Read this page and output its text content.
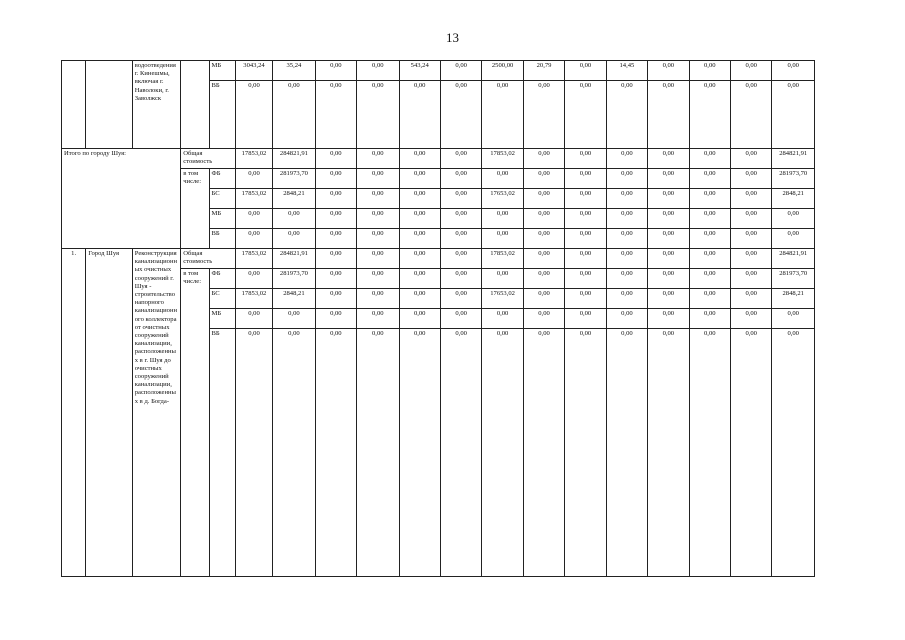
13
		водоотведения г. Кинешмы, включая г. Наволоки, г. Заволжск		МБ	3043,24	35,24	0,00	0,00	543,24	0,00	2500,00	20,79	0,00	14,45	0,00	0,00	0,00	0,00
				ВБ	0,00	0,00	0,00	0,00	0,00	0,00	0,00	0,00	0,00	0,00	0,00	0,00	0,00	0,00
Итого по городу Шуя:			Общая стоимость		17853,02	284821,91	0,00	0,00	0,00	0,00	17853,02	0,00	0,00	0,00	0,00	0,00	0,00	284821,91
			в том числе:	ФБ	0,00	281973,70	0,00	0,00	0,00	0,00	0,00	0,00	0,00	0,00	0,00	0,00	0,00	281973,70
				БС	17853,02	2848,21	0,00	0,00	0,00	0,00	17653,02	0,00	0,00	0,00	0,00	0,00	0,00	2848,21
				МБ	0,00	0,00	0,00	0,00	0,00	0,00	0,00	0,00	0,00	0,00	0,00	0,00	0,00	0,00
				ВБ	0,00	0,00	0,00	0,00	0,00	0,00	0,00	0,00	0,00	0,00	0,00	0,00	0,00	0,00
1.	Город Шуя	Реконструкция канализационных очистных сооружений г. Шуя - строительство напорного канализационного коллектора от очистных сооружений канализации, расположенных в г. Шуя до очистных сооружений канализации, расположенных в д. Богда-	Общая стоимость		17853,02	284821,91	0,00	0,00	0,00	0,00	17853,02	0,00	0,00	0,00	0,00	0,00	0,00	284821,91
			в том числе:	ФБ	0,00	281973,70	0,00	0,00	0,00	0,00	0,00	0,00	0,00	0,00	0,00	0,00	0,00	281973,70
				БС	17853,02	2848,21	0,00	0,00	0,00	0,00	17653,02	0,00	0,00	0,00	0,00	0,00	0,00	2848,21
				МБ	0,00	0,00	0,00	0,00	0,00	0,00	0,00	0,00	0,00	0,00	0,00	0,00	0,00	0,00
				ВБ	0,00	0,00	0,00	0,00	0,00	0,00	0,00	0,00	0,00	0,00	0,00	0,00	0,00	0,00
